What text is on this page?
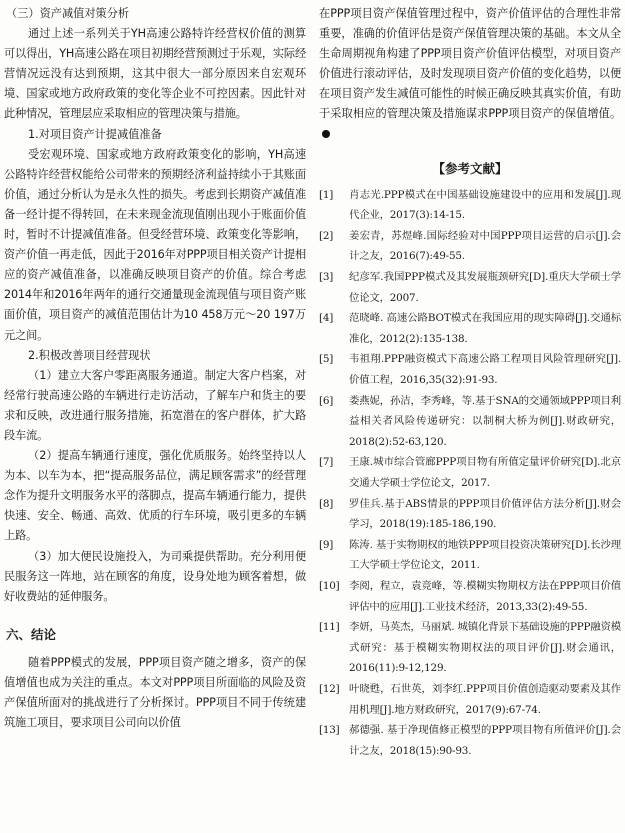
（三）资产减值对策分析

通过上述一系列关于YH高速公路特许经营权价值的测算可以得出，YH高速公路在项目初期经营预测过于乐观，实际经营情况远没有达到预期，这其中很大一部分原因来自宏观环境、国家或地方政府政策的变化等企业不可控因素。因此针对此种情况，管理层应采取相应的管理决策与措施。

1.对项目资产计提减值准备

受宏观环境、国家或地方政府政策变化的影响，YH高速公路特许经营权能给公司带来的预期经济利益持续小于其账面价值，通过分析认为是永久性的损失。考虑到长期资产减值准备一经计提不得转回，在未来现金流现值刚出现小于账面价值时，暂时不计提减值准备。但受经营环境、政策变化等影响，资产价值一再走低，因此于2016年对PPP项目相关资产计提相应的资产减值准备，以准确反映项目资产的价值。综合考虑2014年和2016年两年的通行交通量现金流现值与项目资产账面价值，项目资产的减值范围估计为10 458万元～20 197万元之间。

2.积极改善项目经营现状

（1）建立大客户零距离服务通道。制定大客户档案，对经常行驶高速公路的车辆进行走访活动，了解车户和货主的要求和反映，改进通行服务措施，拓宽潜在的客户群体，扩大路段车流。

（2）提高车辆通行速度，强化优质服务。始终坚持以人为本、以车为本，把“提高服务品位，满足顾客需求”的经营理念作为提升文明服务水平的落脚点，提高车辆通行能力，提供快速、安全、畅通、高效、优质的行车环境，吸引更多的车辆上路。

（3）加大便民设施投入，为司乘提供帮助。充分利用便民服务这一阵地，站在顾客的角度，设身处地为顾客着想，做好收费站的延伸服务。

六、结论

随着PPP模式的发展，PPP项目资产随之增多，资产的保值增值也成为关注的重点。本文对PPP项目所面临的风险及资产保值所面对的挑战进行了分析探讨。PPP项目不同于传统建筑施工项目，要求项目公司向以价值

在PPP项目资产保值管理过程中，资产价值评估的合理性非常重要，准确的价值评估是资产保值管理决策的基础。本文从全生命周期视角构建了PPP项目资产价值评估模型，对项目资产价值进行滚动评估，及时发现项目资产价值的变化趋势，以便在项目资产发生减值可能性的时候正确反映其真实价值，有助于采取相应的管理决策及措施谋求PPP项目资产的保值增值。

【参考文献】
[1] 肖志光.PPP模式在中国基础设施建设中的应用和发展[J].现代企业，2017(3):14-15.
[2] 姜宏青，苏煜峰.国际经验对中国PPP项目运营的启示[J].会计之友，2016(7):49-55.
[3] 纪彦军.我国PPP模式及其发展瓶颈研究[D].重庆大学硕士学位论文，2007.
[4] 范晓峰. 高速公路BOT模式在我国应用的现实障碍[J].交通标准化，2012(2):135-138.
[5] 韦祖翔.PPP融资模式下高速公路工程项目风险管理研究[J].价值工程，2016,35(32):91-93.
[6] 娄燕妮，孙洁，李秀峰，等.基于SNA的交通领域PPP项目利益相关者风险传递研究：以制桐大桥为例[J].财政研究，2018(2):52-63,120.
[7] 王康.城市综合管廊PPP项目物有所值定量评价研究[D].北京交通大学硕士学位论文，2017.
[8] 罗佳兵.基于ABS情景的PPP项目价值评估方法分析[J].财会学习，2018(19):185-186,190.
[9] 陈涛. 基于实物期权的地铁PPP项目投资决策研究[D].长沙理工大学硕士学位论文，2011.
[10] 李阅，程立，袁竞峰，等.模糊实物期权方法在PPP项目价值评估中的应用[J].工业技术经济，2013,33(2):49-55.
[11] 李妍，马英杰，马丽斌. 城镇化背景下基础设施的PPP融资模式研究：基于模糊实物期权法的项目评价[J].财会通讯，2016(11):9-12,129.
[12] 叶晓甦，石世英，刘李红.PPP项目价值创造驱动要素及其作用机理[J].地方财政研究，2017(9):67-74.
[13] 郝德强. 基于净现值修正模型的PPP项目物有所值评价[J].会计之友，2018(15):90-93.
